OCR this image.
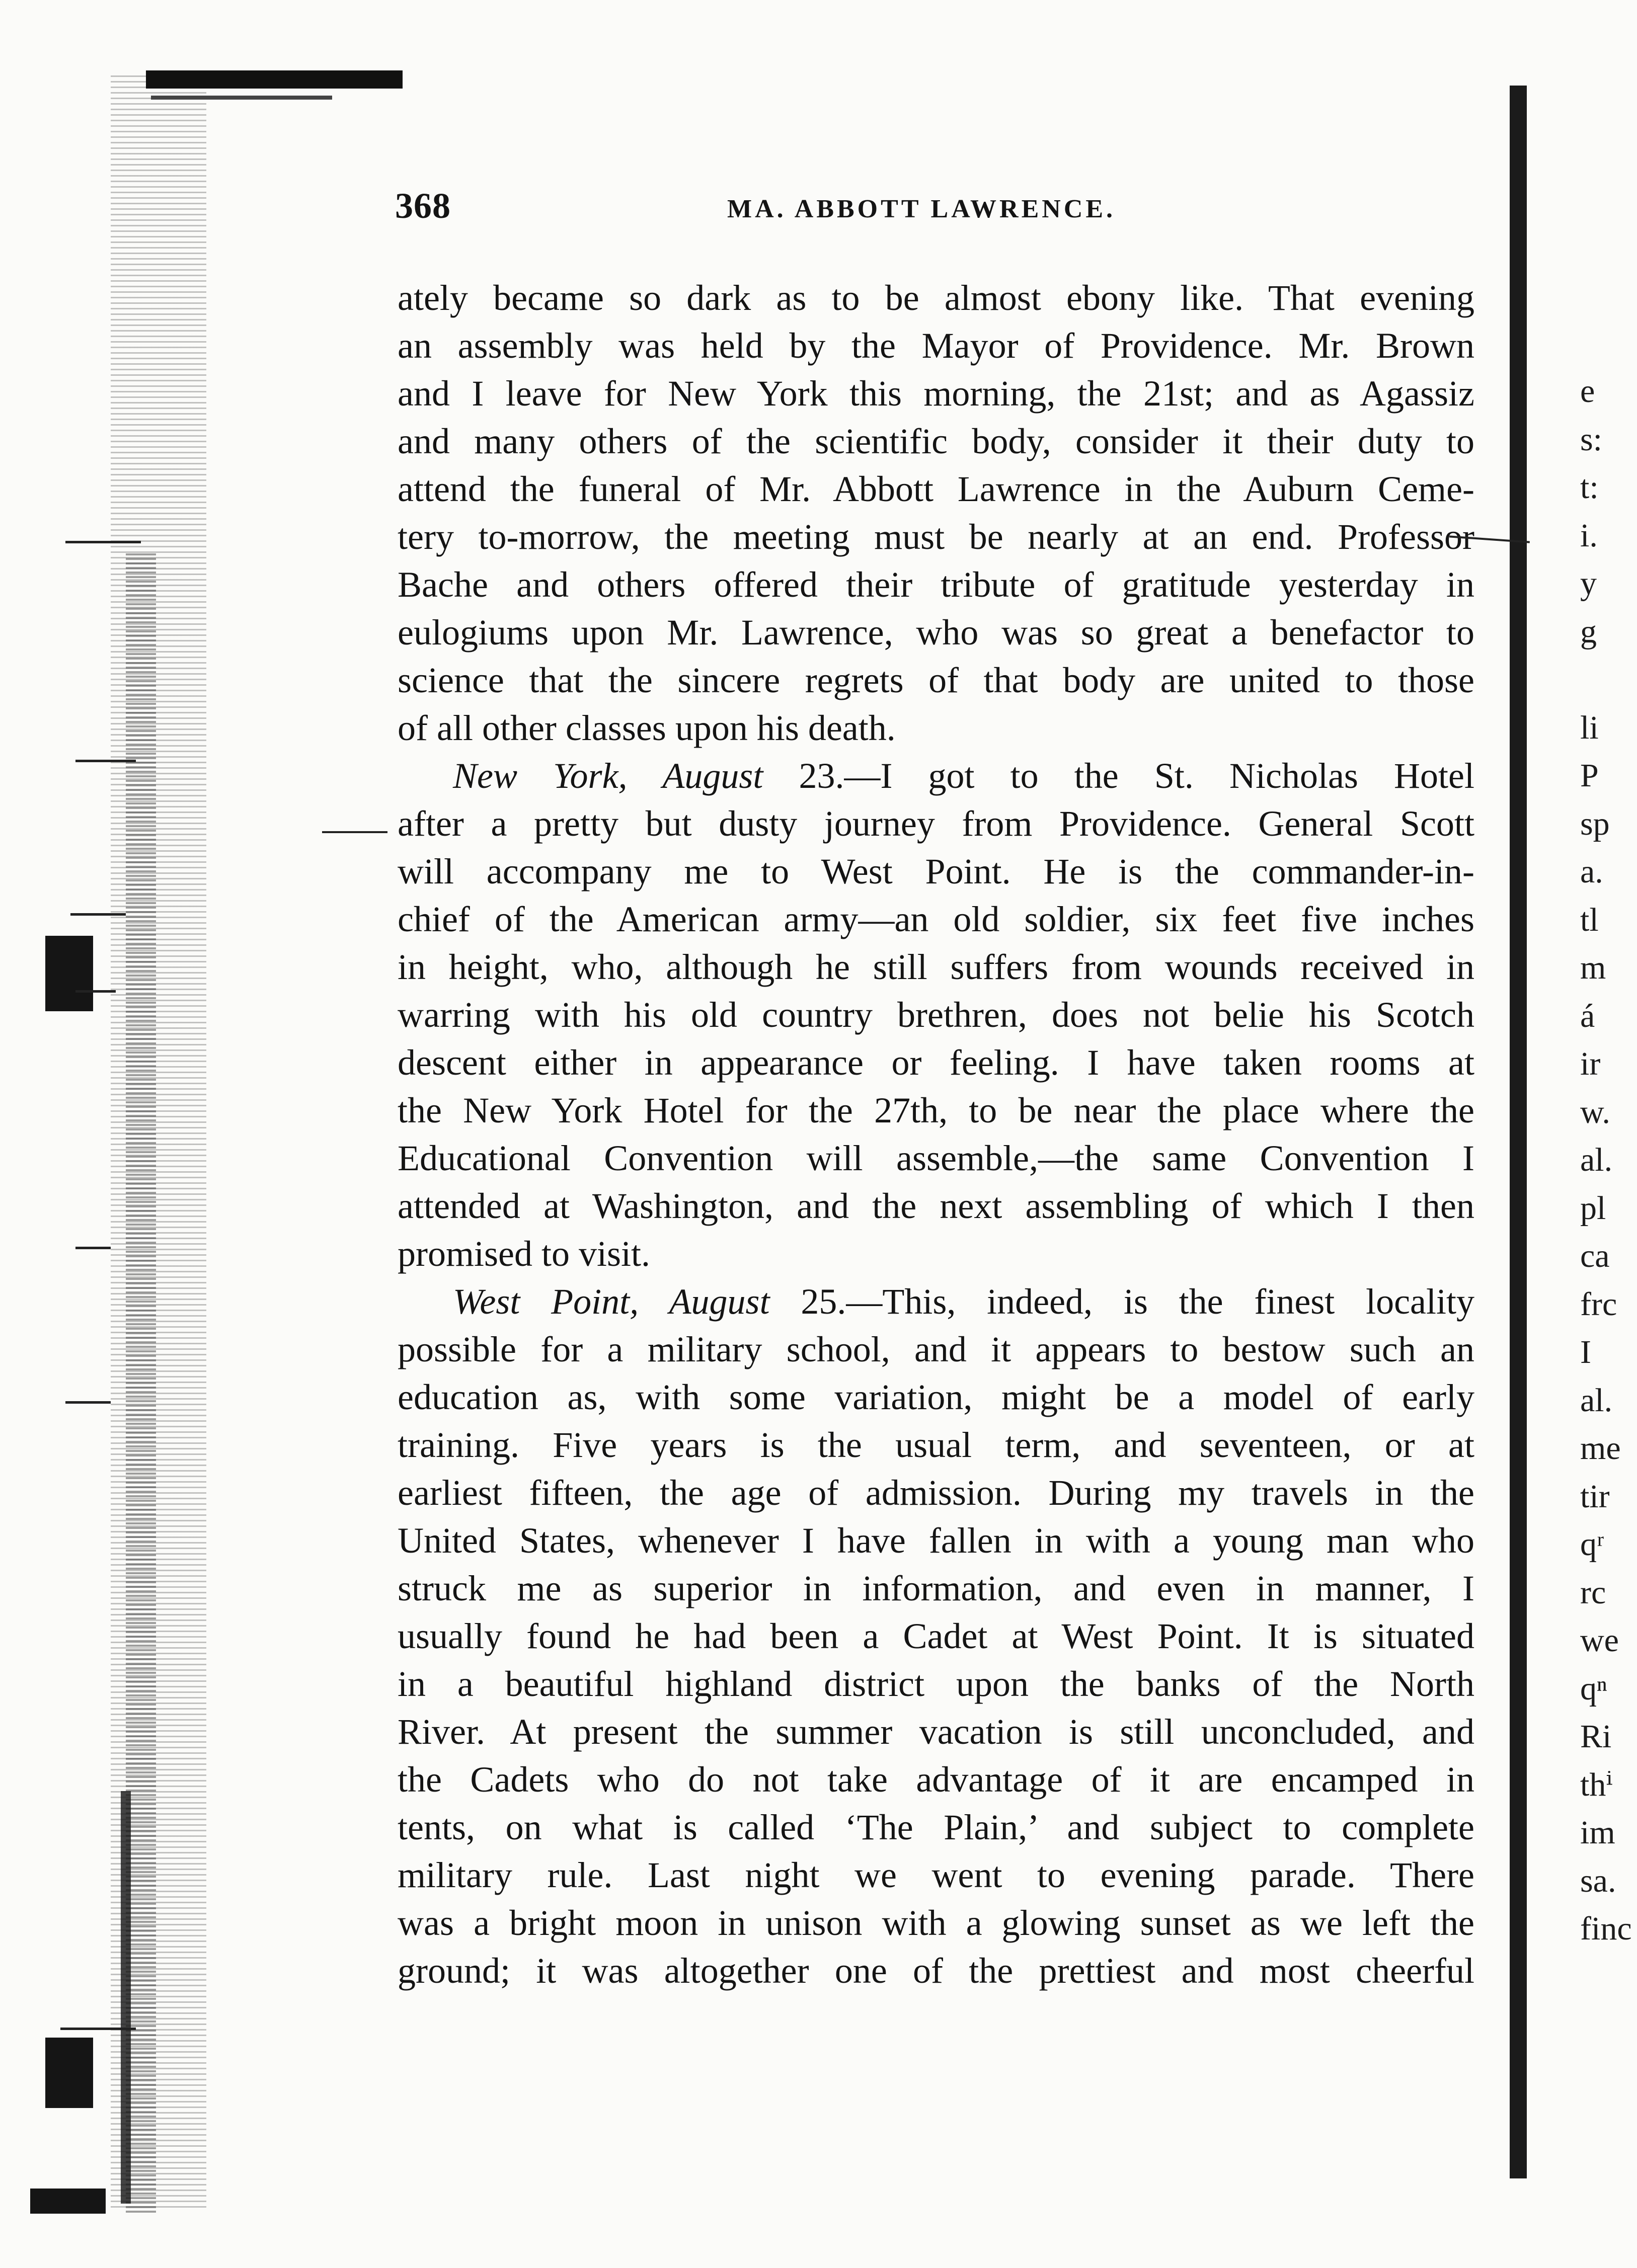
e
s:
t:
i.
y
g
li
P
sp
a.
tl
m
á
ir
w.
al.
pl
ca
frc
I
al.
me
tir
qʳ
rc
we
qⁿ
Ri
thⁱ
im
sa.
finc
368	MA. ABBOTT LAWRENCE.
ately became so dark as to be almost ebony like. That evening
an assembly was held by the Mayor of Providence. Mr. Brown
and I leave for New York this morning, the 21st; and as Agassiz
and many others of the scientific body, consider it their duty to
attend the funeral of Mr. Abbott Lawrence in the Auburn Ceme-
tery to-morrow, the meeting must be nearly at an end. Professor
Bache and others offered their tribute of gratitude yesterday in
eulogiums upon Mr. Lawrence, who was so great a benefactor to
science that the sincere regrets of that body are united to those
of all other classes upon his death.
New York, August 23.—I got to the St. Nicholas Hotel
after a pretty but dusty journey from Providence. General Scott
will accompany me to West Point. He is the commander-in-
chief of the American army—an old soldier, six feet five inches
in height, who, although he still suffers from wounds received in
warring with his old country brethren, does not belie his Scotch
descent either in appearance or feeling. I have taken rooms at
the New York Hotel for the 27th, to be near the place where the
Educational Convention will assemble,—the same Convention I
attended at Washington, and the next assembling of which I then
promised to visit.
West Point, August 25.—This, indeed, is the finest locality
possible for a military school, and it appears to bestow such an
education as, with some variation, might be a model of early
training. Five years is the usual term, and seventeen, or at
earliest fifteen, the age of admission. During my travels in the
United States, whenever I have fallen in with a young man who
struck me as superior in information, and even in manner, I
usually found he had been a Cadet at West Point. It is situated
in a beautiful highland district upon the banks of the North
River. At present the summer vacation is still unconcluded, and
the Cadets who do not take advantage of it are encamped in
tents, on what is called ‘The Plain,’ and subject to complete
military rule. Last night we went to evening parade. There
was a bright moon in unison with a glowing sunset as we left the
ground; it was altogether one of the prettiest and most cheerful
